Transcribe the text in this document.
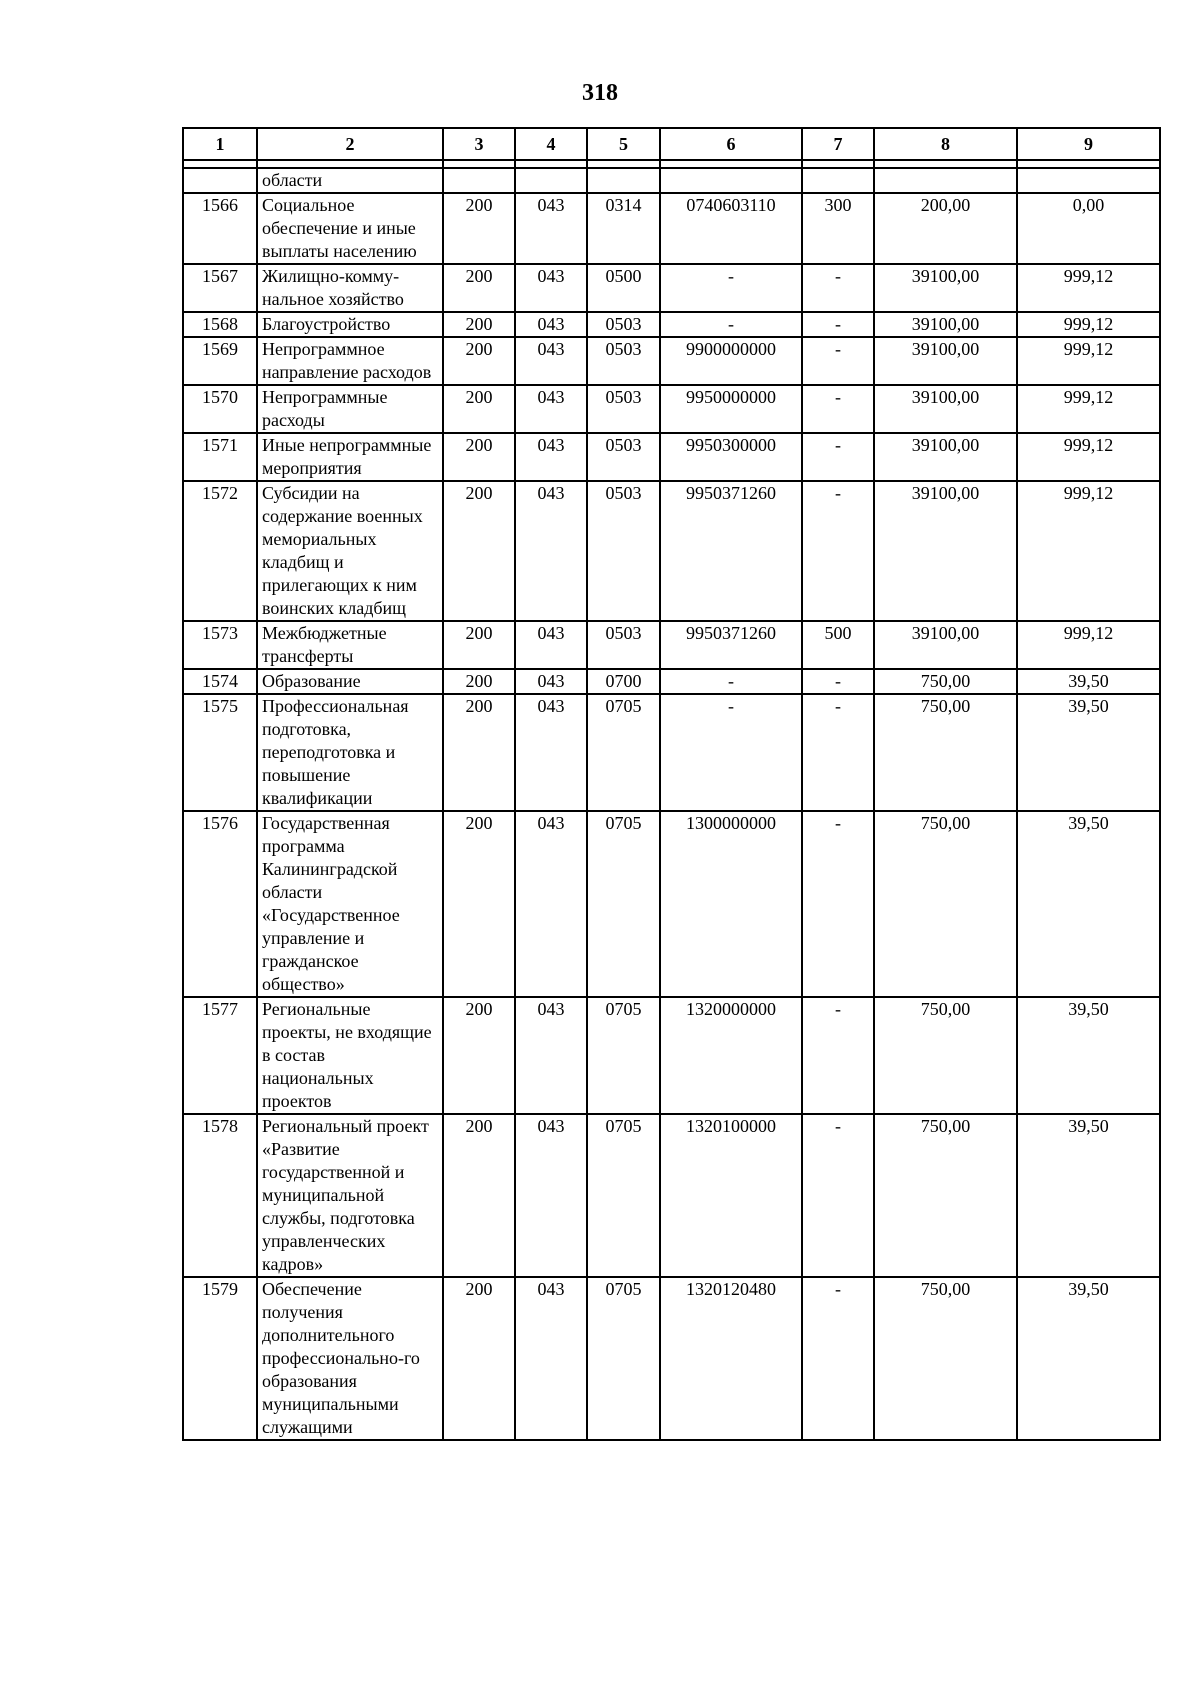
318
1	2	3	4	5	6	7	8	9

	области							
1566	Социальное обеспечение и иные выплаты населению	200	043	0314	0740603110	300	200,00	0,00
1567	Жилищно-комму-нальное хозяйство	200	043	0500	-	-	39100,00	999,12
1568	Благоустройство	200	043	0503	-	-	39100,00	999,12
1569	Непрограммное направление расходов	200	043	0503	9900000000	-	39100,00	999,12
1570	Непрограммные расходы	200	043	0503	9950000000	-	39100,00	999,12
1571	Иные непрограммные мероприятия	200	043	0503	9950300000	-	39100,00	999,12
1572	Субсидии на содержание военных мемориальных кладбищ и прилегающих к ним воинских кладбищ	200	043	0503	9950371260	-	39100,00	999,12
1573	Межбюджетные трансферты	200	043	0503	9950371260	500	39100,00	999,12
1574	Образование	200	043	0700	-	-	750,00	39,50
1575	Профессиональная подготовка, переподготовка и повышение квалификации	200	043	0705	-	-	750,00	39,50
1576	Государственная программа Калининградской области «Государственное управление и гражданское общество»	200	043	0705	1300000000	-	750,00	39,50
1577	Региональные проекты, не входящие в состав национальных проектов	200	043	0705	1320000000	-	750,00	39,50
1578	Региональный проект «Развитие государственной и муниципальной службы, подготовка управленческих кадров»	200	043	0705	1320100000	-	750,00	39,50
1579	Обеспечение получения дополнительного профессионально-го образования муниципальными служащими	200	043	0705	1320120480	-	750,00	39,50
